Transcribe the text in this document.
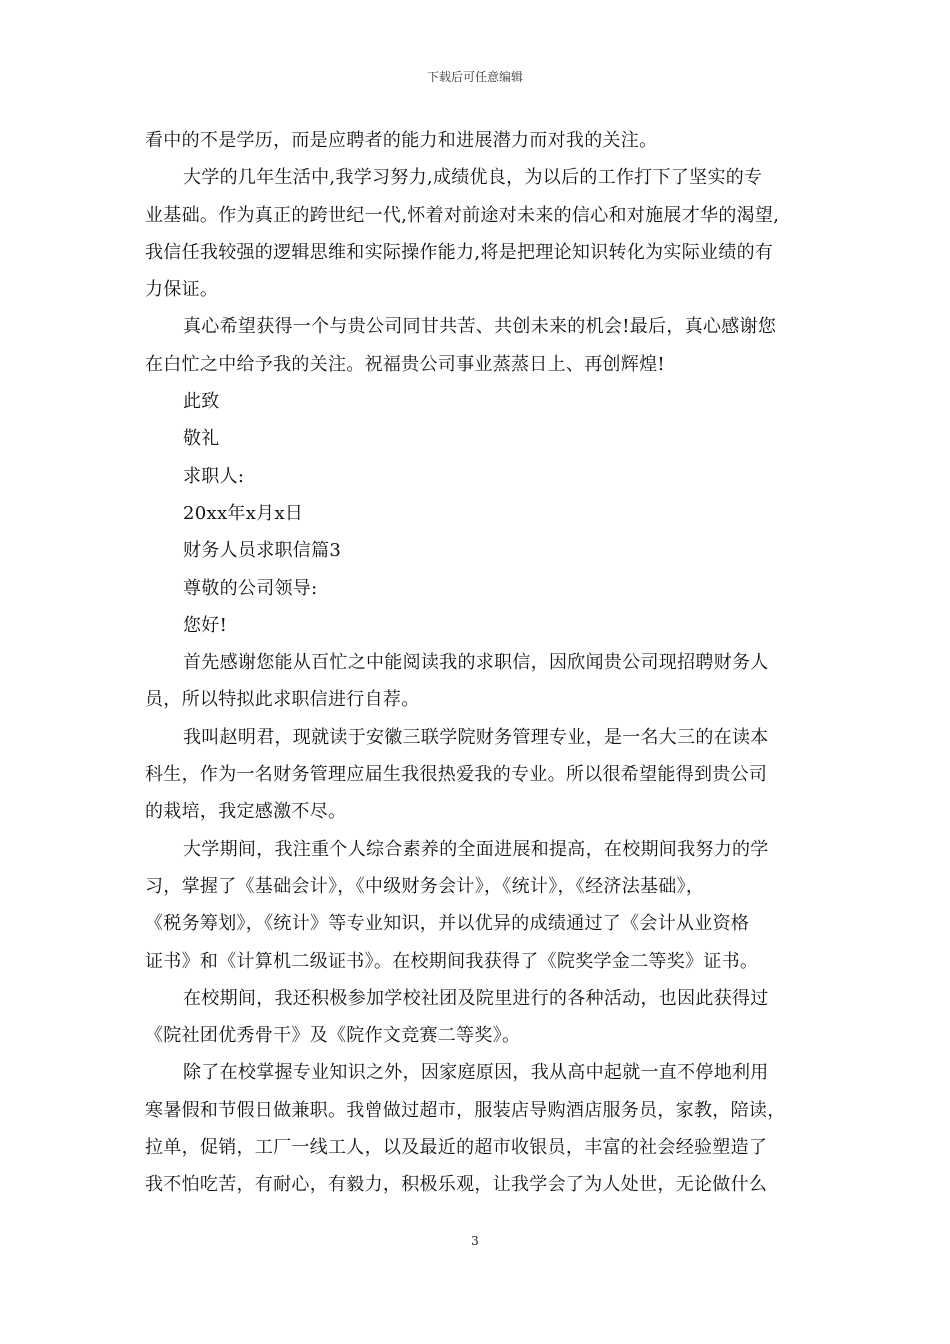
下载后可任意编辑
看中的不是学历，而是应聘者的能力和进展潜力而对我的关注。
大学的几年生活中,我学习努力,成绩优良，为以后的工作打下了坚实的专
业基础。作为真正的跨世纪一代,怀着对前途对未来的信心和对施展才华的渴望,
我信任我较强的逻辑思维和实际操作能力,将是把理论知识转化为实际业绩的有
力保证。
真心希望获得一个与贵公司同甘共苦、共创未来的机会!最后，真心感谢您
在白忙之中给予我的关注。祝福贵公司事业蒸蒸日上、再创辉煌!
此致
敬礼
求职人:
20xx年x月x日
财务人员求职信篇3
尊敬的公司领导:
您好!
首先感谢您能从百忙之中能阅读我的求职信，因欣闻贵公司现招聘财务人
员，所以特拟此求职信进行自荐。
我叫赵明君，现就读于安徽三联学院财务管理专业，是一名大三的在读本
科生，作为一名财务管理应届生我很热爱我的专业。所以很希望能得到贵公司
的栽培，我定感激不尽。
大学期间，我注重个人综合素养的全面进展和提高，在校期间我努力的学
习，掌握了《基础会计》，《中级财务会计》，《统计》，《经济法基础》，
《税务筹划》，《统计》等专业知识，并以优异的成绩通过了《会计从业资格
证书》和《计算机二级证书》。在校期间我获得了《院奖学金二等奖》证书。
在校期间，我还积极参加学校社团及院里进行的各种活动，也因此获得过
《院社团优秀骨干》及《院作文竞赛二等奖》。
除了在校掌握专业知识之外，因家庭原因，我从高中起就一直不停地利用
寒暑假和节假日做兼职。我曾做过超市，服装店导购酒店服务员，家教，陪读，
拉单，促销，工厂一线工人，以及最近的超市收银员，丰富的社会经验塑造了
我不怕吃苦，有耐心，有毅力，积极乐观，让我学会了为人处世，无论做什么
3
